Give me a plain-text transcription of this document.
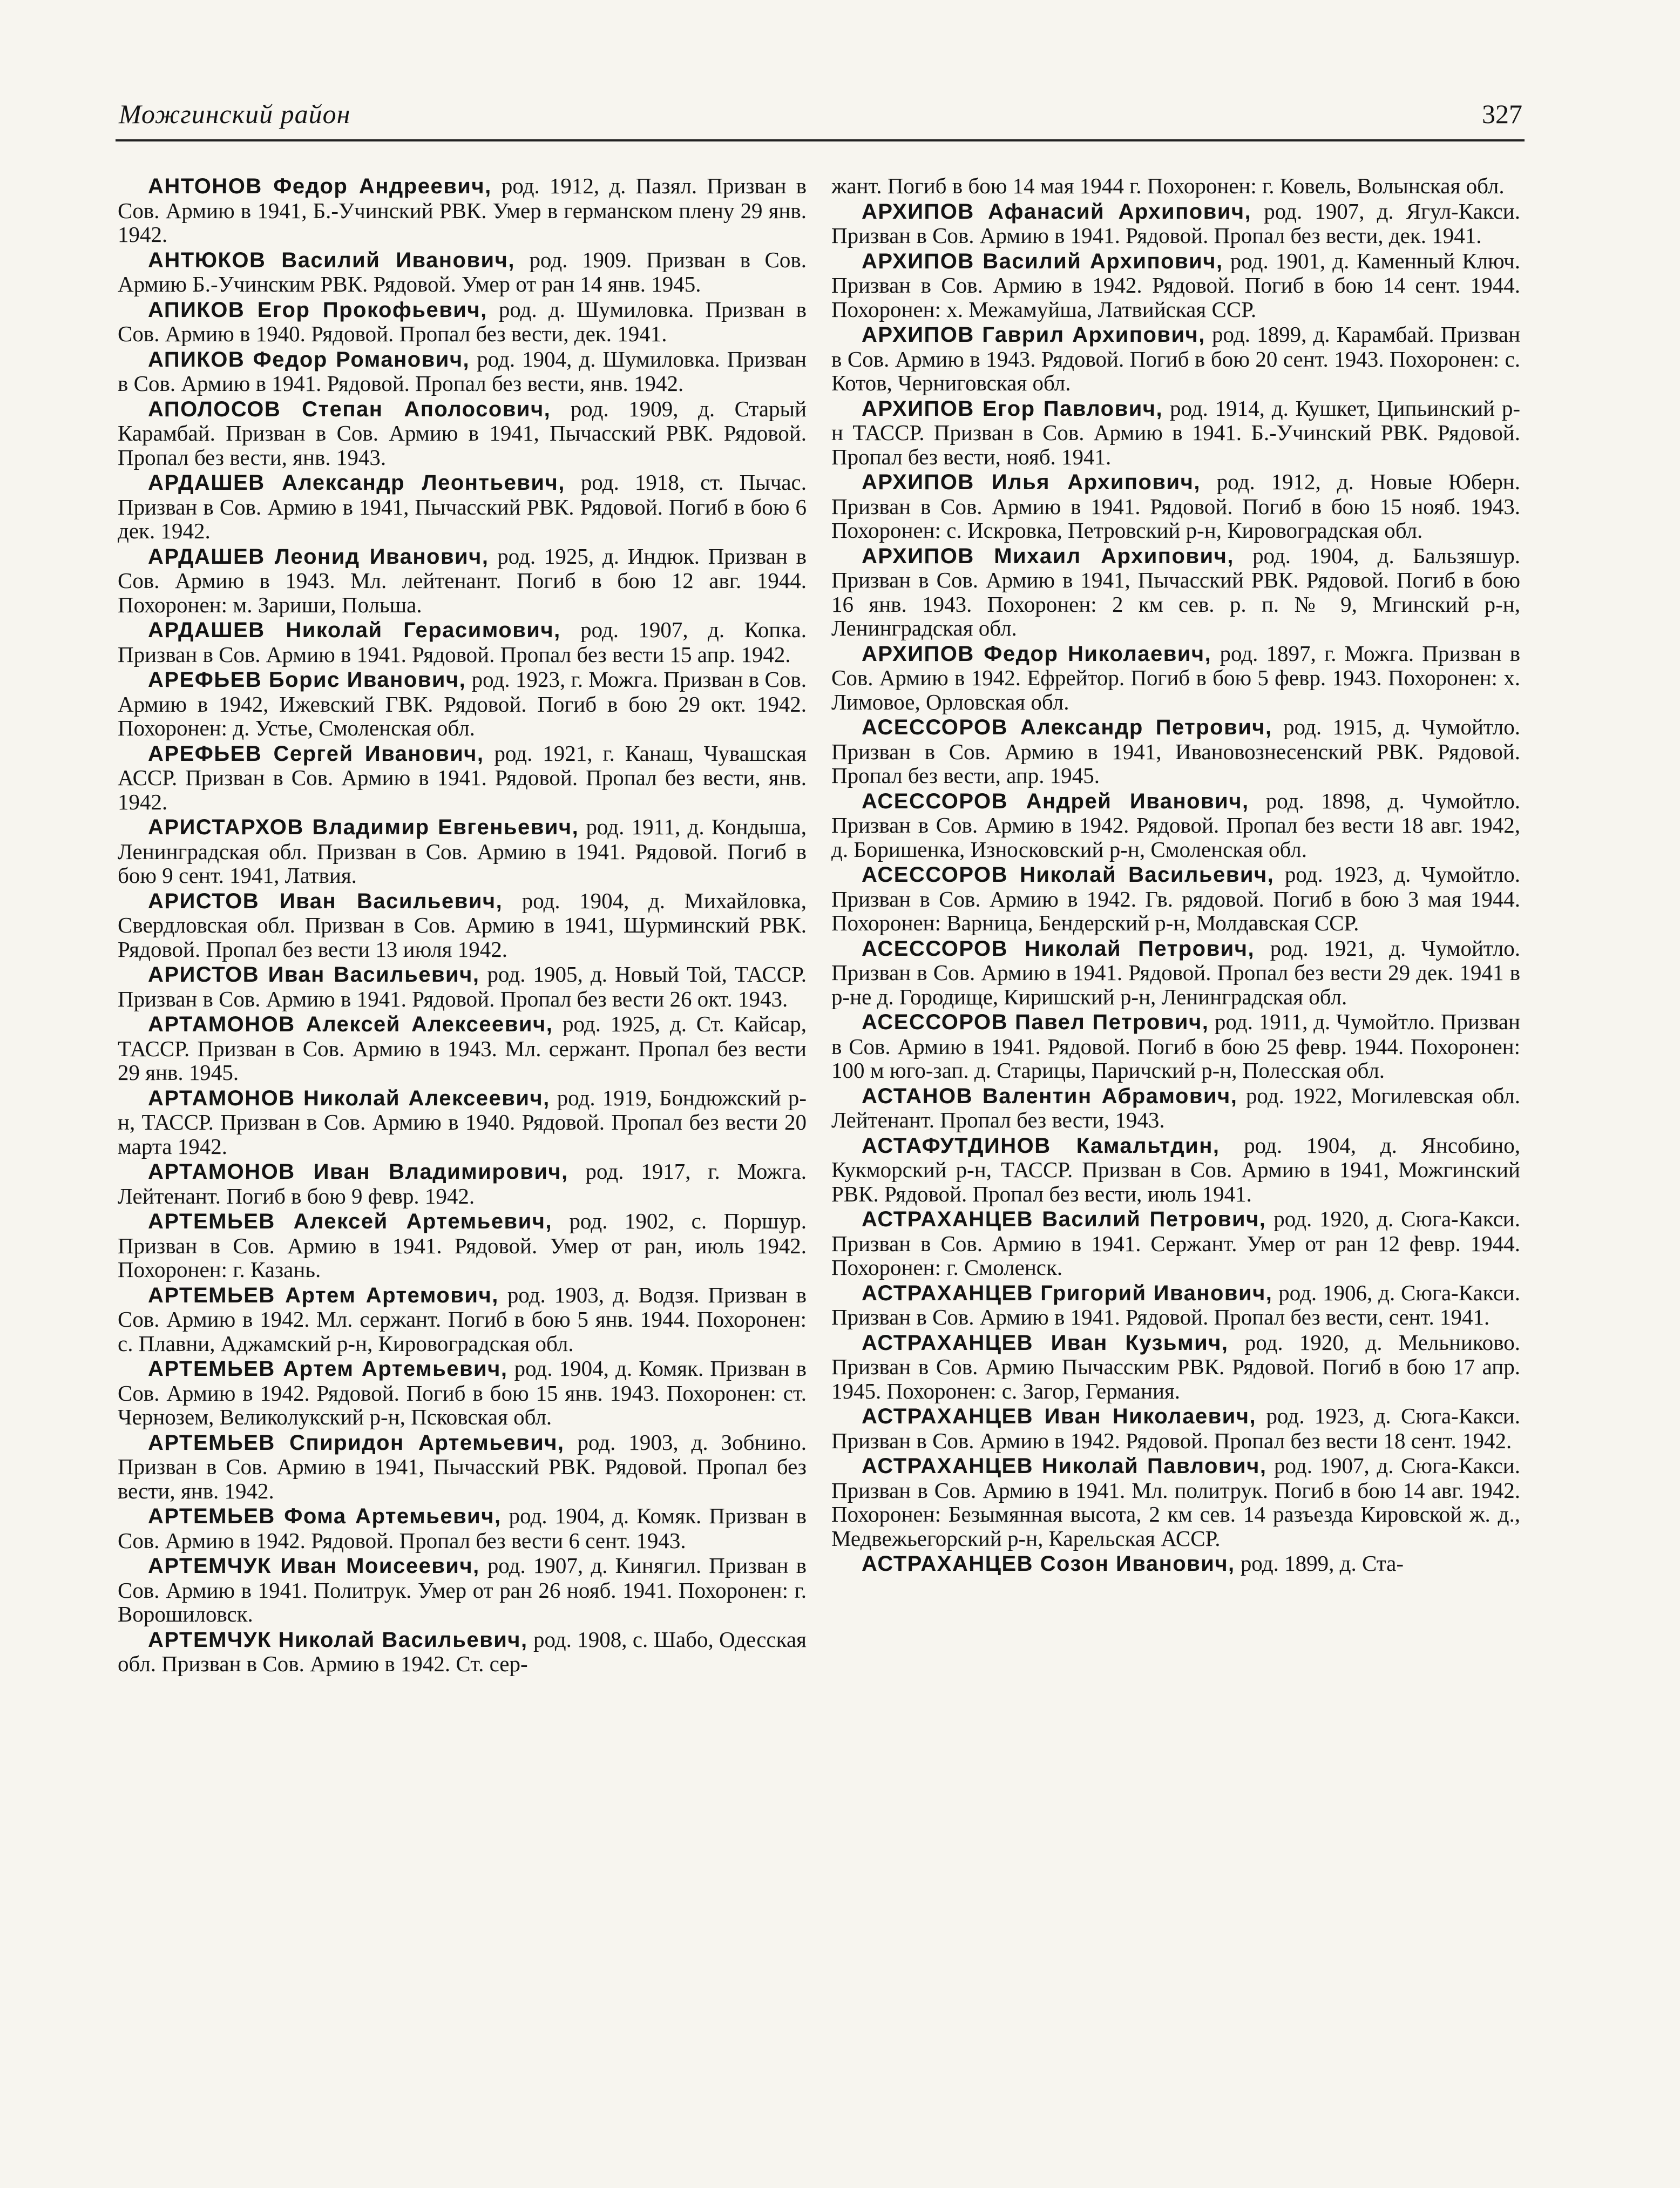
Можгинский район	327

АНТОНОВ Федор Андреевич, род. 1912, д. Пазял. Призван в Сов. Армию в 1941, Б.-Учинский РВК. Умер в германском плену 29 янв. 1942.

АНТЮКОВ Василий Иванович, род. 1909. Призван в Сов. Армию Б.-Учинским РВК. Рядовой. Умер от ран 14 янв. 1945.

АПИКОВ Егор Прокофьевич, род. д. Шумиловка. Призван в Сов. Армию в 1940. Рядовой. Пропал без вести, дек. 1941.

АПИКОВ Федор Романович, род. 1904, д. Шумиловка. Призван в Сов. Армию в 1941. Рядовой. Пропал без вести, янв. 1942.

АПОЛОСОВ Степан Аполосович, род. 1909, д. Старый Карамбай. Призван в Сов. Армию в 1941, Пычасский РВК. Рядовой. Пропал без вести, янв. 1943.

АРДАШЕВ Александр Леонтьевич, род. 1918, ст. Пычас. Призван в Сов. Армию в 1941, Пычасский РВК. Рядовой. Погиб в бою 6 дек. 1942.

АРДАШЕВ Леонид Иванович, род. 1925, д. Индюк. Призван в Сов. Армию в 1943. Мл. лейтенант. Погиб в бою 12 авг. 1944. Похоронен: м. Зариши, Польша.

АРДАШЕВ Николай Герасимович, род. 1907, д. Копка. Призван в Сов. Армию в 1941. Рядовой. Пропал без вести 15 апр. 1942.

АРЕФЬЕВ Борис Иванович, род. 1923, г. Можга. Призван в Сов. Армию в 1942, Ижевский ГВК. Рядовой. Погиб в бою 29 окт. 1942. Похоронен: д. Устье, Смоленская обл.

АРЕФЬЕВ Сергей Иванович, род. 1921, г. Канаш, Чувашская АССР. Призван в Сов. Армию в 1941. Рядовой. Пропал без вести, янв. 1942.

АРИСТАРХОВ Владимир Евгеньевич, род. 1911, д. Кондыша, Ленинградская обл. Призван в Сов. Армию в 1941. Рядовой. Погиб в бою 9 сент. 1941, Латвия.

АРИСТОВ Иван Васильевич, род. 1904, д. Михайловка, Свердловская обл. Призван в Сов. Армию в 1941, Шурминский РВК. Рядовой. Пропал без вести 13 июля 1942.

АРИСТОВ Иван Васильевич, род. 1905, д. Новый Той, ТАССР. Призван в Сов. Армию в 1941. Рядовой. Пропал без вести 26 окт. 1943.

АРТАМОНОВ Алексей Алексеевич, род. 1925, д. Ст. Кайсар, ТАССР. Призван в Сов. Армию в 1943. Мл. сержант. Пропал без вести 29 янв. 1945.

АРТАМОНОВ Николай Алексеевич, род. 1919, Бондюжский р-н, ТАССР. Призван в Сов. Армию в 1940. Рядовой. Пропал без вести 20 марта 1942.

АРТАМОНОВ Иван Владимирович, род. 1917, г. Можга. Лейтенант. Погиб в бою 9 февр. 1942.

АРТЕМЬЕВ Алексей Артемьевич, род. 1902, с. Поршур. Призван в Сов. Армию в 1941. Рядовой. Умер от ран, июль 1942. Похоронен: г. Казань.

АРТЕМЬЕВ Артем Артемович, род. 1903, д. Водзя. Призван в Сов. Армию в 1942. Мл. сержант. Погиб в бою 5 янв. 1944. Похоронен: с. Плавни, Аджамский р-н, Кировоградская обл.

АРТЕМЬЕВ Артем Артемьевич, род. 1904, д. Комяк. Призван в Сов. Армию в 1942. Рядовой. Погиб в бою 15 янв. 1943. Похоронен: ст. Чернозем, Великолукский р-н, Псковская обл.

АРТЕМЬЕВ Спиридон Артемьевич, род. 1903, д. Зобнино. Призван в Сов. Армию в 1941, Пычасский РВК. Рядовой. Пропал без вести, янв. 1942.

АРТЕМЬЕВ Фома Артемьевич, род. 1904, д. Комяк. Призван в Сов. Армию в 1942. Рядовой. Пропал без вести 6 сент. 1943.

АРТЕМЧУК Иван Моисеевич, род. 1907, д. Кинягил. Призван в Сов. Армию в 1941. Политрук. Умер от ран 26 нояб. 1941. Похоронен: г. Ворошиловск.

АРТЕМЧУК Николай Васильевич, род. 1908, с. Шабо, Одесская обл. Призван в Сов. Армию в 1942. Ст. сер-

жант. Погиб в бою 14 мая 1944 г. Похоронен: г. Ковель, Волынская обл.

АРХИПОВ Афанасий Архипович, род. 1907, д. Ягул-Какси. Призван в Сов. Армию в 1941. Рядовой. Пропал без вести, дек. 1941.

АРХИПОВ Василий Архипович, род. 1901, д. Каменный Ключ. Призван в Сов. Армию в 1942. Рядовой. Погиб в бою 14 сент. 1944. Похоронен: х. Межамуйша, Латвийская ССР.

АРХИПОВ Гаврил Архипович, род. 1899, д. Карамбай. Призван в Сов. Армию в 1943. Рядовой. Погиб в бою 20 сент. 1943. Похоронен: с. Котов, Черниговская обл.

АРХИПОВ Егор Павлович, род. 1914, д. Кушкет, Ципьинский р-н ТАССР. Призван в Сов. Армию в 1941. Б.-Учинский РВК. Рядовой. Пропал без вести, нояб. 1941.

АРХИПОВ Илья Архипович, род. 1912, д. Новые Юберн. Призван в Сов. Армию в 1941. Рядовой. Погиб в бою 15 нояб. 1943. Похоронен: с. Искровка, Петровский р-н, Кировоградская обл.

АРХИПОВ Михаил Архипович, род. 1904, д. Бальзяшур. Призван в Сов. Армию в 1941, Пычасский РВК. Рядовой. Погиб в бою 16 янв. 1943. Похоронен: 2 км сев. р. п. № 9, Мгинский р-н, Ленинградская обл.

АРХИПОВ Федор Николаевич, род. 1897, г. Можга. Призван в Сов. Армию в 1942. Ефрейтор. Погиб в бою 5 февр. 1943. Похоронен: х. Лимовое, Орловская обл.

АСЕССОРОВ Александр Петрович, род. 1915, д. Чумойтло. Призван в Сов. Армию в 1941, Ивановознесенский РВК. Рядовой. Пропал без вести, апр. 1945.

АСЕССОРОВ Андрей Иванович, род. 1898, д. Чумойтло. Призван в Сов. Армию в 1942. Рядовой. Пропал без вести 18 авг. 1942, д. Боришенка, Износковский р-н, Смоленская обл.

АСЕССОРОВ Николай Васильевич, род. 1923, д. Чумойтло. Призван в Сов. Армию в 1942. Гв. рядовой. Погиб в бою 3 мая 1944. Похоронен: Варница, Бендерский р-н, Молдавская ССР.

АСЕССОРОВ Николай Петрович, род. 1921, д. Чумойтло. Призван в Сов. Армию в 1941. Рядовой. Пропал без вести 29 дек. 1941 в р-не д. Городище, Киришский р-н, Ленинградская обл.

АСЕССОРОВ Павел Петрович, род. 1911, д. Чумойтло. Призван в Сов. Армию в 1941. Рядовой. Погиб в бою 25 февр. 1944. Похоронен: 100 м юго-зап. д. Старицы, Паричский р-н, Полесская обл.

АСТАНОВ Валентин Абрамович, род. 1922, Могилевская обл. Лейтенант. Пропал без вести, 1943.

АСТАФУТДИНОВ Камальтдин, род. 1904, д. Янсобино, Кукморский р-н, ТАССР. Призван в Сов. Армию в 1941, Можгинский РВК. Рядовой. Пропал без вести, июль 1941.

АСТРАХАНЦЕВ Василий Петрович, род. 1920, д. Сюга-Какси. Призван в Сов. Армию в 1941. Сержант. Умер от ран 12 февр. 1944. Похоронен: г. Смоленск.

АСТРАХАНЦЕВ Григорий Иванович, род. 1906, д. Сюга-Какси. Призван в Сов. Армию в 1941. Рядовой. Пропал без вести, сент. 1941.

АСТРАХАНЦЕВ Иван Кузьмич, род. 1920, д. Мельниково. Призван в Сов. Армию Пычасским РВК. Рядовой. Погиб в бою 17 апр. 1945. Похоронен: с. Загор, Германия.

АСТРАХАНЦЕВ Иван Николаевич, род. 1923, д. Сюга-Какси. Призван в Сов. Армию в 1942. Рядовой. Пропал без вести 18 сент. 1942.

АСТРАХАНЦЕВ Николай Павлович, род. 1907, д. Сюга-Какси. Призван в Сов. Армию в 1941. Мл. политрук. Погиб в бою 14 авг. 1942. Похоронен: Безымянная высота, 2 км сев. 14 разъезда Кировской ж. д., Медвежьегорский р-н, Карельская АССР.

АСТРАХАНЦЕВ Созон Иванович, род. 1899, д. Ста-
